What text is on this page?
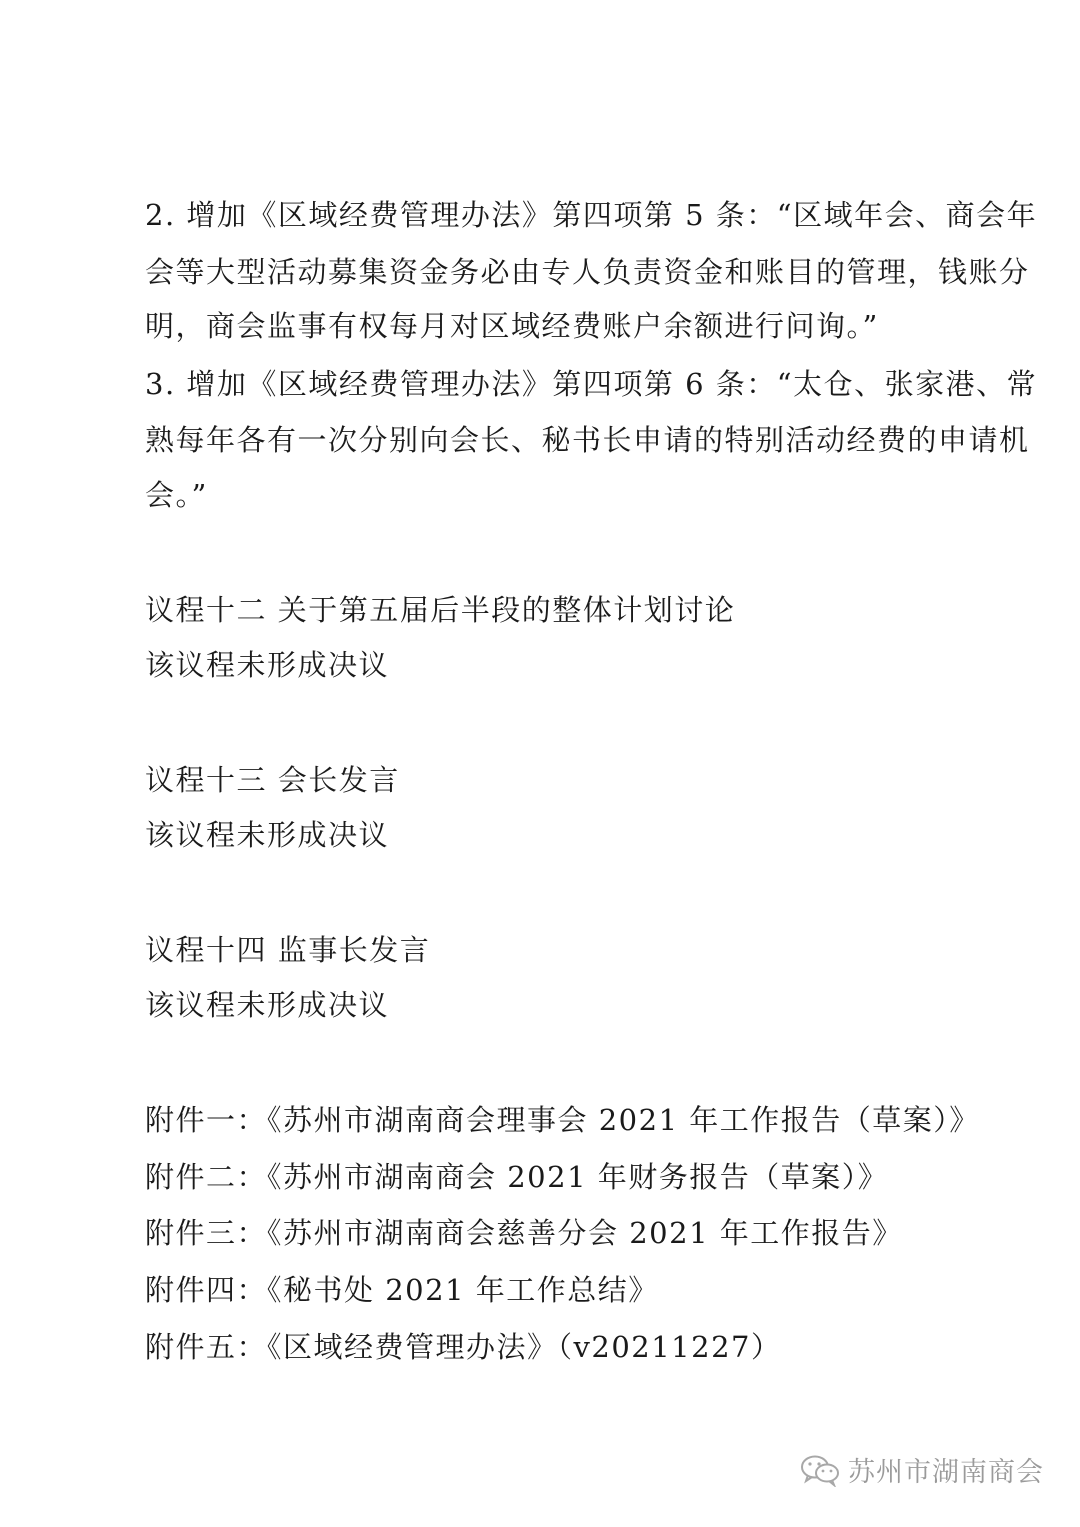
2. 增加《区域经费管理办法》第四项第 5 条：“区域年会、商会年
会等大型活动募集资金务必由专人负责资金和账目的管理，钱账分
明，商会监事有权每月对区域经费账户余额进行问询。”
3. 增加《区域经费管理办法》第四项第 6 条：“太仓、张家港、常
熟每年各有一次分别向会长、秘书长申请的特别活动经费的申请机
会。”
议程十二 关于第五届后半段的整体计划讨论
该议程未形成决议
议程十三 会长发言
该议程未形成决议
议程十四 监事长发言
该议程未形成决议
附件一：《苏州市湖南商会理事会 2021 年工作报告（草案）》
附件二：《苏州市湖南商会 2021 年财务报告（草案）》
附件三：《苏州市湖南商会慈善分会 2021 年工作报告》
附件四：《秘书处 2021 年工作总结》
附件五：《区域经费管理办法》（v20211227）
苏州市湖南商会
